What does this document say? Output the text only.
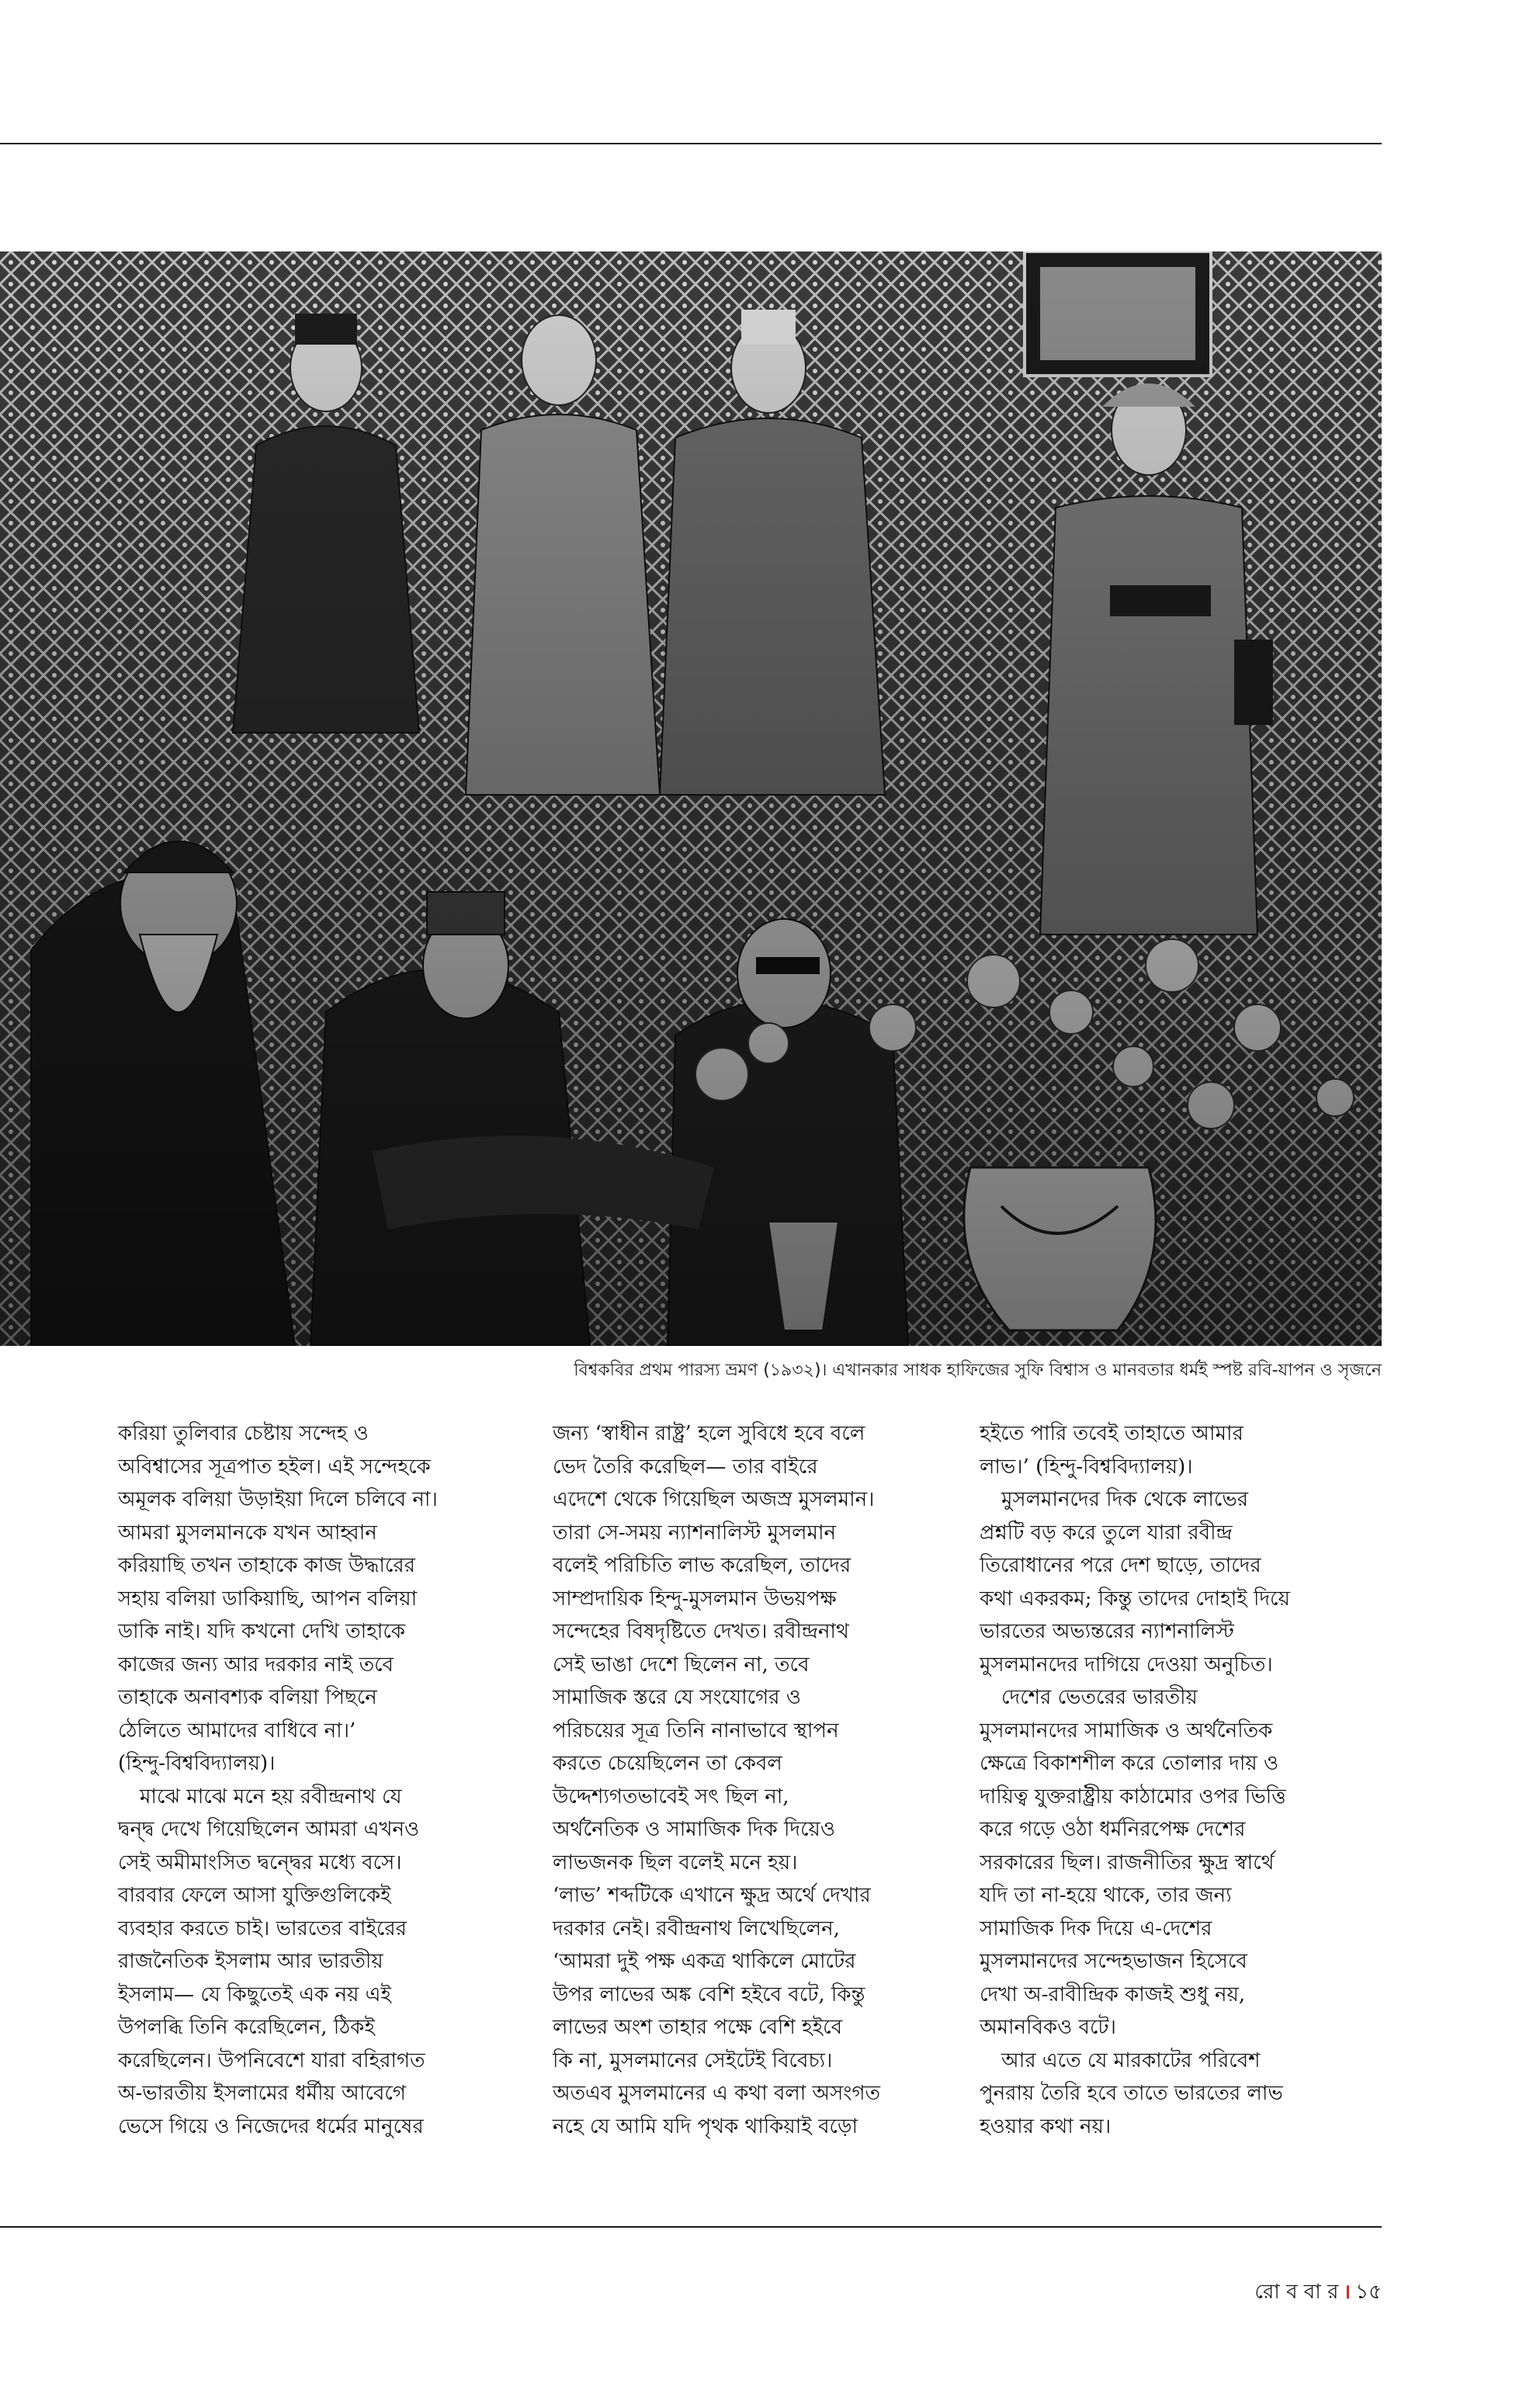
বিশ্বকবির প্রথম পারস্য ভ্রমণ (১৯৩২)। এখানকার সাধক হাফিজের সুফি বিশ্বাস ও মানবতার ধর্মই স্পষ্ট রবি-যাপন ও সৃজনে

করিয়া তুলিবার চেষ্টায় সন্দেহ ও

অবিশ্বাসের সূত্রপাত হইল। এই সন্দেহকে

অমূলক বলিয়া উড়াইয়া দিলে চলিবে না।

আমরা মুসলমানকে যখন আহ্বান

করিয়াছি তখন তাহাকে কাজ উদ্ধারের

সহায় বলিয়া ডাকিয়াছি, আপন বলিয়া

ডাকি নাই। যদি কখনো দেখি তাহাকে

কাজের জন্য আর দরকার নাই তবে

তাহাকে অনাবশ্যক বলিয়া পিছনে

ঠেলিতে আমাদের বাধিবে না।’

(হিন্দু-বিশ্ববিদ্যালয়)।

মাঝে মাঝে মনে হয় রবীন্দ্রনাথ যে

দ্বন্দ্ব দেখে গিয়েছিলেন আমরা এখনও

সেই অমীমাংসিত দ্বন্দ্বের মধ্যে বসে।

বারবার ফেলে আসা যুক্তিগুলিকেই

ব্যবহার করতে চাই। ভারতের বাইরের

রাজনৈতিক ইসলাম আর ভারতীয়

ইসলাম— যে কিছুতেই এক নয় এই

উপলব্ধি তিনি করেছিলেন, ঠিকই

করেছিলেন। উপনিবেশে যারা বহিরাগত

অ-ভারতীয় ইসলামের ধর্মীয় আবেগে

ভেসে গিয়ে ও নিজেদের ধর্মের মানুষের

জন্য ‘স্বাধীন রাষ্ট্র’ হলে সুবিধে হবে বলে

ভেদ তৈরি করেছিল— তার বাইরে

এদেশে থেকে গিয়েছিল অজস্র মুসলমান।

তারা সে-সময় ন্যাশনালিস্ট মুসলমান

বলেই পরিচিতি লাভ করেছিল, তাদের

সাম্প্রদায়িক হিন্দু-মুসলমান উভয়পক্ষ

সন্দেহের বিষদৃষ্টিতে দেখত। রবীন্দ্রনাথ

সেই ভাঙা দেশে ছিলেন না, তবে

সামাজিক স্তরে যে সংযোগের ও

পরিচয়ের সূত্র তিনি নানাভাবে স্থাপন

করতে চেয়েছিলেন তা কেবল

উদ্দেশ্যগতভাবেই সৎ ছিল না,

অর্থনৈতিক ও সামাজিক দিক দিয়েও

লাভজনক ছিল বলেই মনে হয়।

‘লাভ’ শব্দটিকে এখানে ক্ষুদ্র অর্থে দেখার

দরকার নেই। রবীন্দ্রনাথ লিখেছিলেন,

‘আমরা দুই পক্ষ একত্র থাকিলে মোটের

উপর লাভের অঙ্ক বেশি হইবে বটে, কিন্তু

লাভের অংশ তাহার পক্ষে বেশি হইবে

কি না, মুসলমানের সেইটেই বিবেচ্য।

অতএব মুসলমানের এ কথা বলা অসংগত

নহে যে আমি যদি পৃথক থাকিয়াই বড়ো

হইতে পারি তবেই তাহাতে আমার

লাভ।’ (হিন্দু-বিশ্ববিদ্যালয়)।

মুসলমানদের দিক থেকে লাভের

প্রশ্নটি বড় করে তুলে যারা রবীন্দ্র

তিরোধানের পরে দেশ ছাড়ে, তাদের

কথা একরকম; কিন্তু তাদের দোহাই দিয়ে

ভারতের অভ্যন্তরের ন্যাশনালিস্ট

মুসলমানদের দাগিয়ে দেওয়া অনুচিত।

দেশের ভেতরের ভারতীয়

মুসলমানদের সামাজিক ও অর্থনৈতিক

ক্ষেত্রে বিকাশশীল করে তোলার দায় ও

দায়িত্ব যুক্তরাষ্ট্রীয় কাঠামোর ওপর ভিত্তি

করে গড়ে ওঠা ধর্মনিরপেক্ষ দেশের

সরকারের ছিল। রাজনীতির ক্ষুদ্র স্বার্থে

যদি তা না-হয়ে থাকে, তার জন্য

সামাজিক দিক দিয়ে এ-দেশের

মুসলমানদের সন্দেহভাজন হিসেবে

দেখা অ-রাবীন্দ্রিক কাজই শুধু নয়,

অমানবিকও বটে।

আর এতে যে মারকাটের পরিবেশ

পুনরায় তৈরি হবে তাতে ভারতের লাভ

হওয়ার কথা নয়।

রো ব বা র । ১৫
